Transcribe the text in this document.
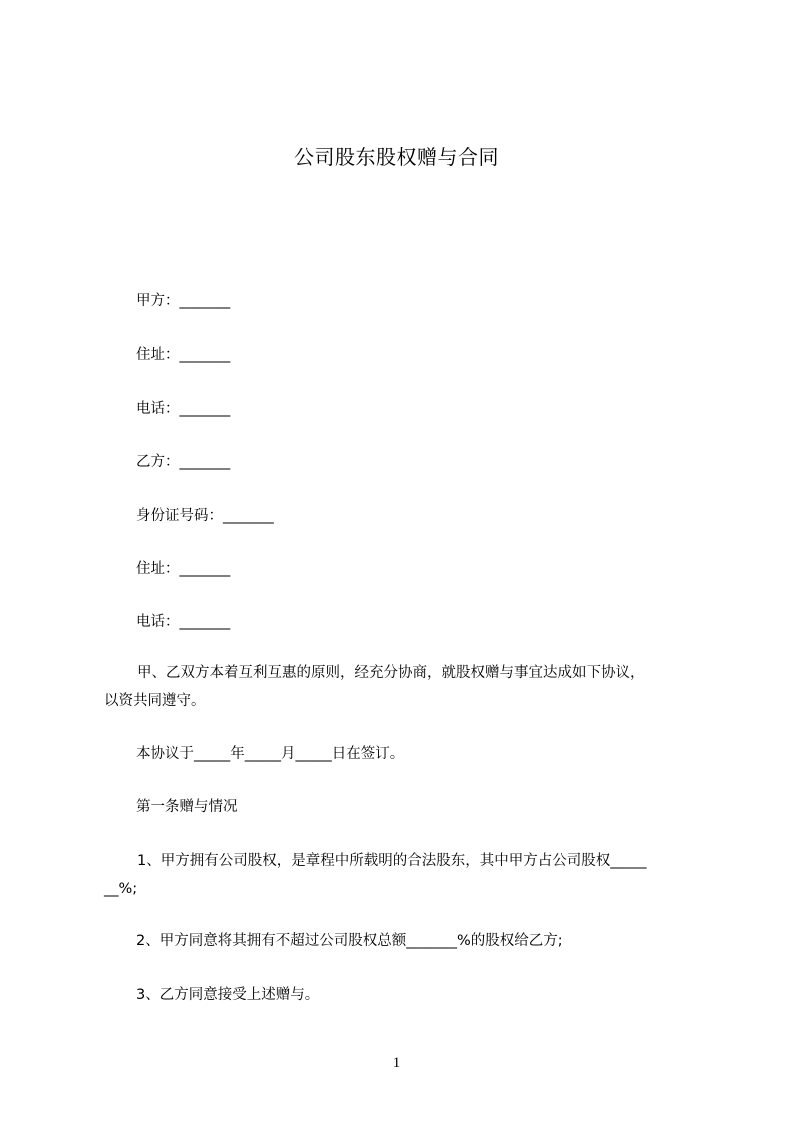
公司股东股权赠与合同
甲方：_______
住址：_______
电话：_______
乙方：_______
身份证号码：_______
住址：_______
电话：_______
甲、乙双方本着互利互惠的原则，经充分协商，就股权赠与事宜达成如下协议，
以资共同遵守。
本协议于_____年_____月_____日在签订。
第一条赠与情况
1、甲方拥有公司股权，是章程中所载明的合法股东，其中甲方占公司股权_____
__%;
2、甲方同意将其拥有不超过公司股权总额_______%的股权给乙方;
3、乙方同意接受上述赠与。
1
